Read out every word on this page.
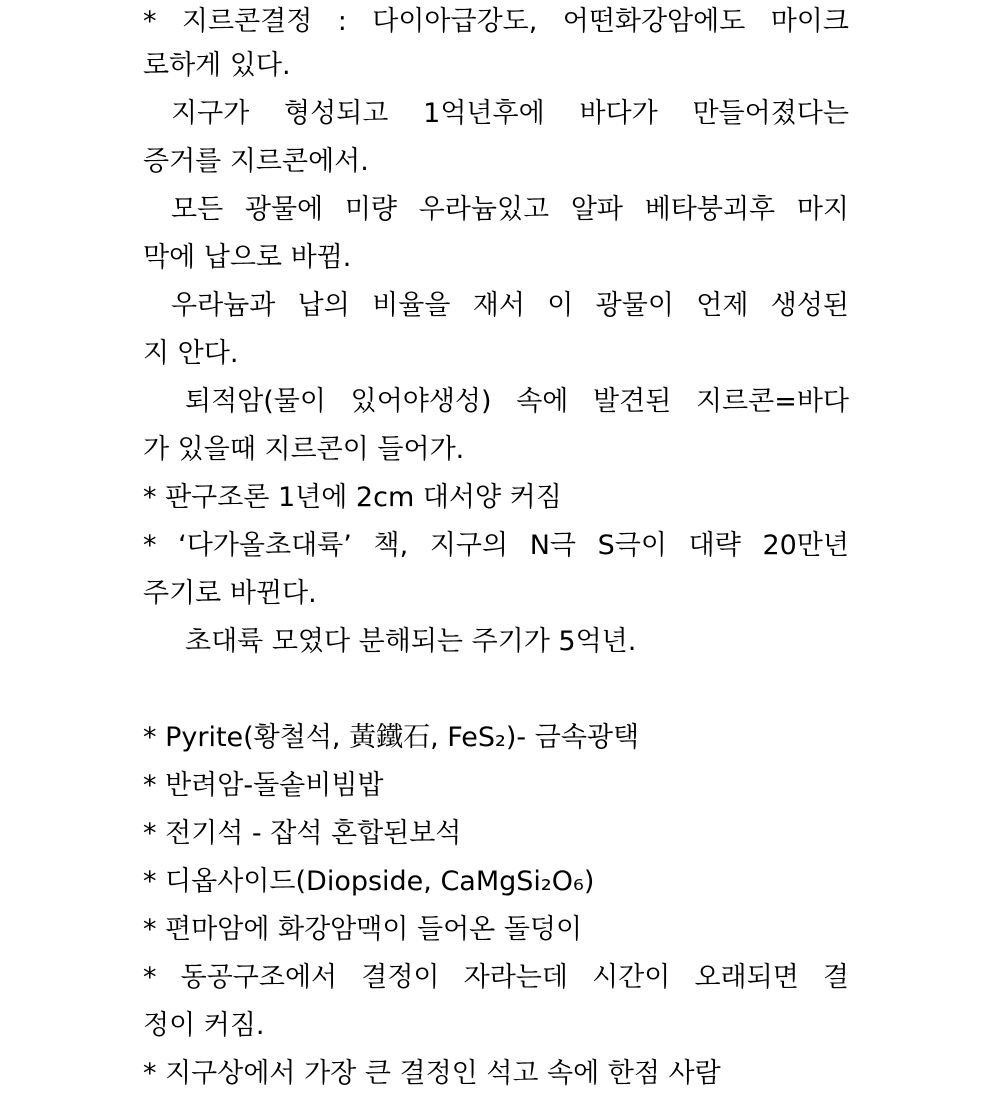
* 지르콘결정 : 다이아급강도, 어떤화강암에도 마이크
로하게 있다.
지구가 형성되고 1억년후에 바다가 만들어졌다는
증거를 지르콘에서.
모든 광물에 미량 우라늄있고 알파 베타붕괴후 마지
막에 납으로 바뀜.
우라늄과 납의 비율을 재서 이 광물이 언제 생성된
지 안다.
퇴적암(물이 있어야생성) 속에 발견된 지르콘=바다
가 있을때 지르콘이 들어가.
* 판구조론 1년에 2cm 대서양 커짐
* ‘다가올초대륙’ 책, 지구의 N극 S극이 대략 20만년
주기로 바뀐다.
초대륙 모였다 분해되는 주기가 5억년.
* Pyrite(황철석, 黃鐵石, FeS₂)- 금속광택
* 반려암-돌솥비빔밥
* 전기석 - 잡석 혼합된보석
* 디옵사이드(Diopside, CaMgSi₂O₆)
* 편마암에 화강암맥이 들어온 돌덩이
* 동공구조에서 결정이 자라는데 시간이 오래되면 결
정이 커짐.
* 지구상에서 가장 큰 결정인 석고 속에 한점 사람
